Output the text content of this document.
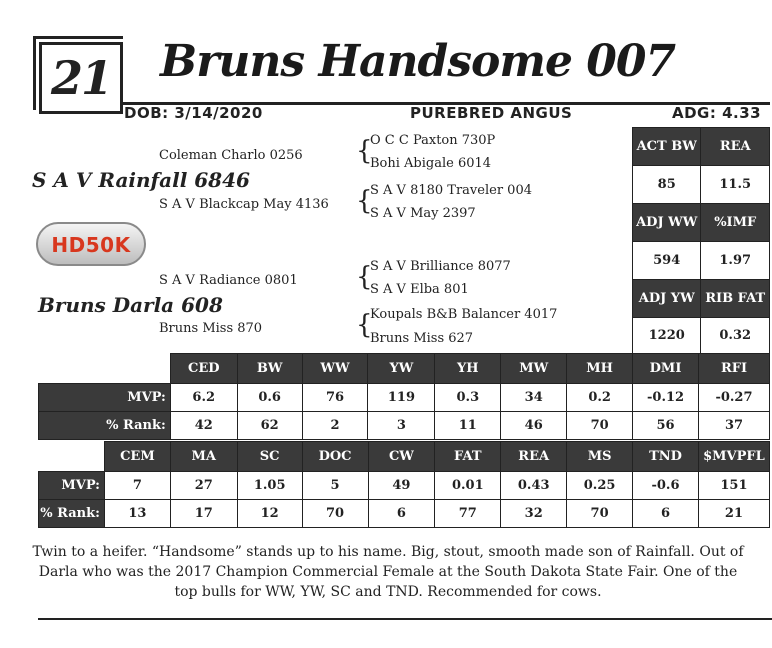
21 Bruns Handsome 007
DOB: 3/14/2020	PUREBRED ANGUS	ADG: 4.33
Coleman Charlo 0256
S A V Rainfall 6846
S A V Blackcap May 4136
{
O C C Paxton 730P
Bohi Abigale 6014
{
S A V 8180 Traveler 004
S A V May 2397
HD50K
S A V Radiance 0801
Bruns Darla 608
Bruns Miss 870
{
S A V Brilliance 8077
S A V Elba 801
{
Koupals B&B Balancer 4017
Bruns Miss 627
ACT BW	REA
85	11.5
ADJ WW	%IMF
594	1.97
ADJ YW	RIB FAT
1220	0.32
	CED	BW	WW	YW	YH	MW	MH	DMI	RFI
MVP:	6.2	0.6	76	119	0.3	34	0.2	-0.12	-0.27
% Rank:	42	62	2	3	11	46	70	56	37
	CEM	MA	SC	DOC	CW	FAT	REA	MS	TND	$MVPFL
MVP:	7	27	1.05	5	49	0.01	0.43	0.25	-0.6	151
% Rank:	13	17	12	70	6	77	32	70	6	21
Twin to a heifer. “Handsome” stands up to his name. Big, stout, smooth made son of Rainfall. Out of Darla who was the 2017 Champion Commercial Female at the South Dakota State Fair. One of the top bulls for WW, YW, SC and TND. Recommended for cows.
